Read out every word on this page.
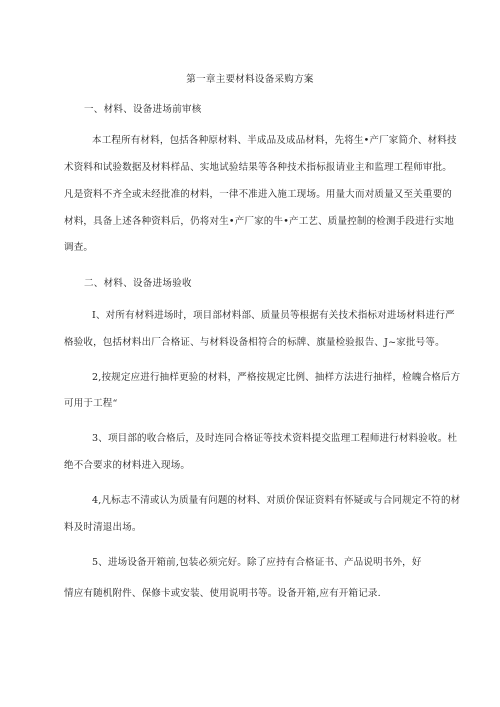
第一章主要材料设备采购方案
一、材料、设备进场前审核
本工程所有材料，包括各种原材料、半成品及成品材料，先将生•产厂家简介、材料技
术资料和试验数据及材料样品、实地试验结果等各种技术指标报请业主和监理工程师审批。
凡是资料不齐全或未经批准的材料，一律不准进入施工现场。用量大而对质量又至关重要的
材料，具备上述各种资料后，仍将对生•产厂家的牛•产工艺、质量控制的检测手段进行实地
调查。
二、材料、设备进场验收
I、对所有材料进场时，项目部材料部、质量员等根据有关技术指标对进场材料进行严
格验收，包括材料出厂合格证、与材料设备相符合的标牌、旗量检验报告、J~家批号等。
2,按规定应进行抽样更验的材料，严格按规定比例、抽样方法进行抽样，检魄合格后方
可用于工程“
3、项目部的收合格后，及时连同合格证等技术资料提交监理工程师进行材料验收。杜
绝不合要求的材料进入现场。
4,凡标志不清或认为质量有问题的材料、对质价保证资料有怀疑或与合同规定不符的材
料及时清退出场。
5、进场设备开箱前,包装必须完好。除了应持有合格证书、产品说明书外，好
情应有随机附件、保修卡或安装、使用说明书等。设备开箱,应有开箱记录.
